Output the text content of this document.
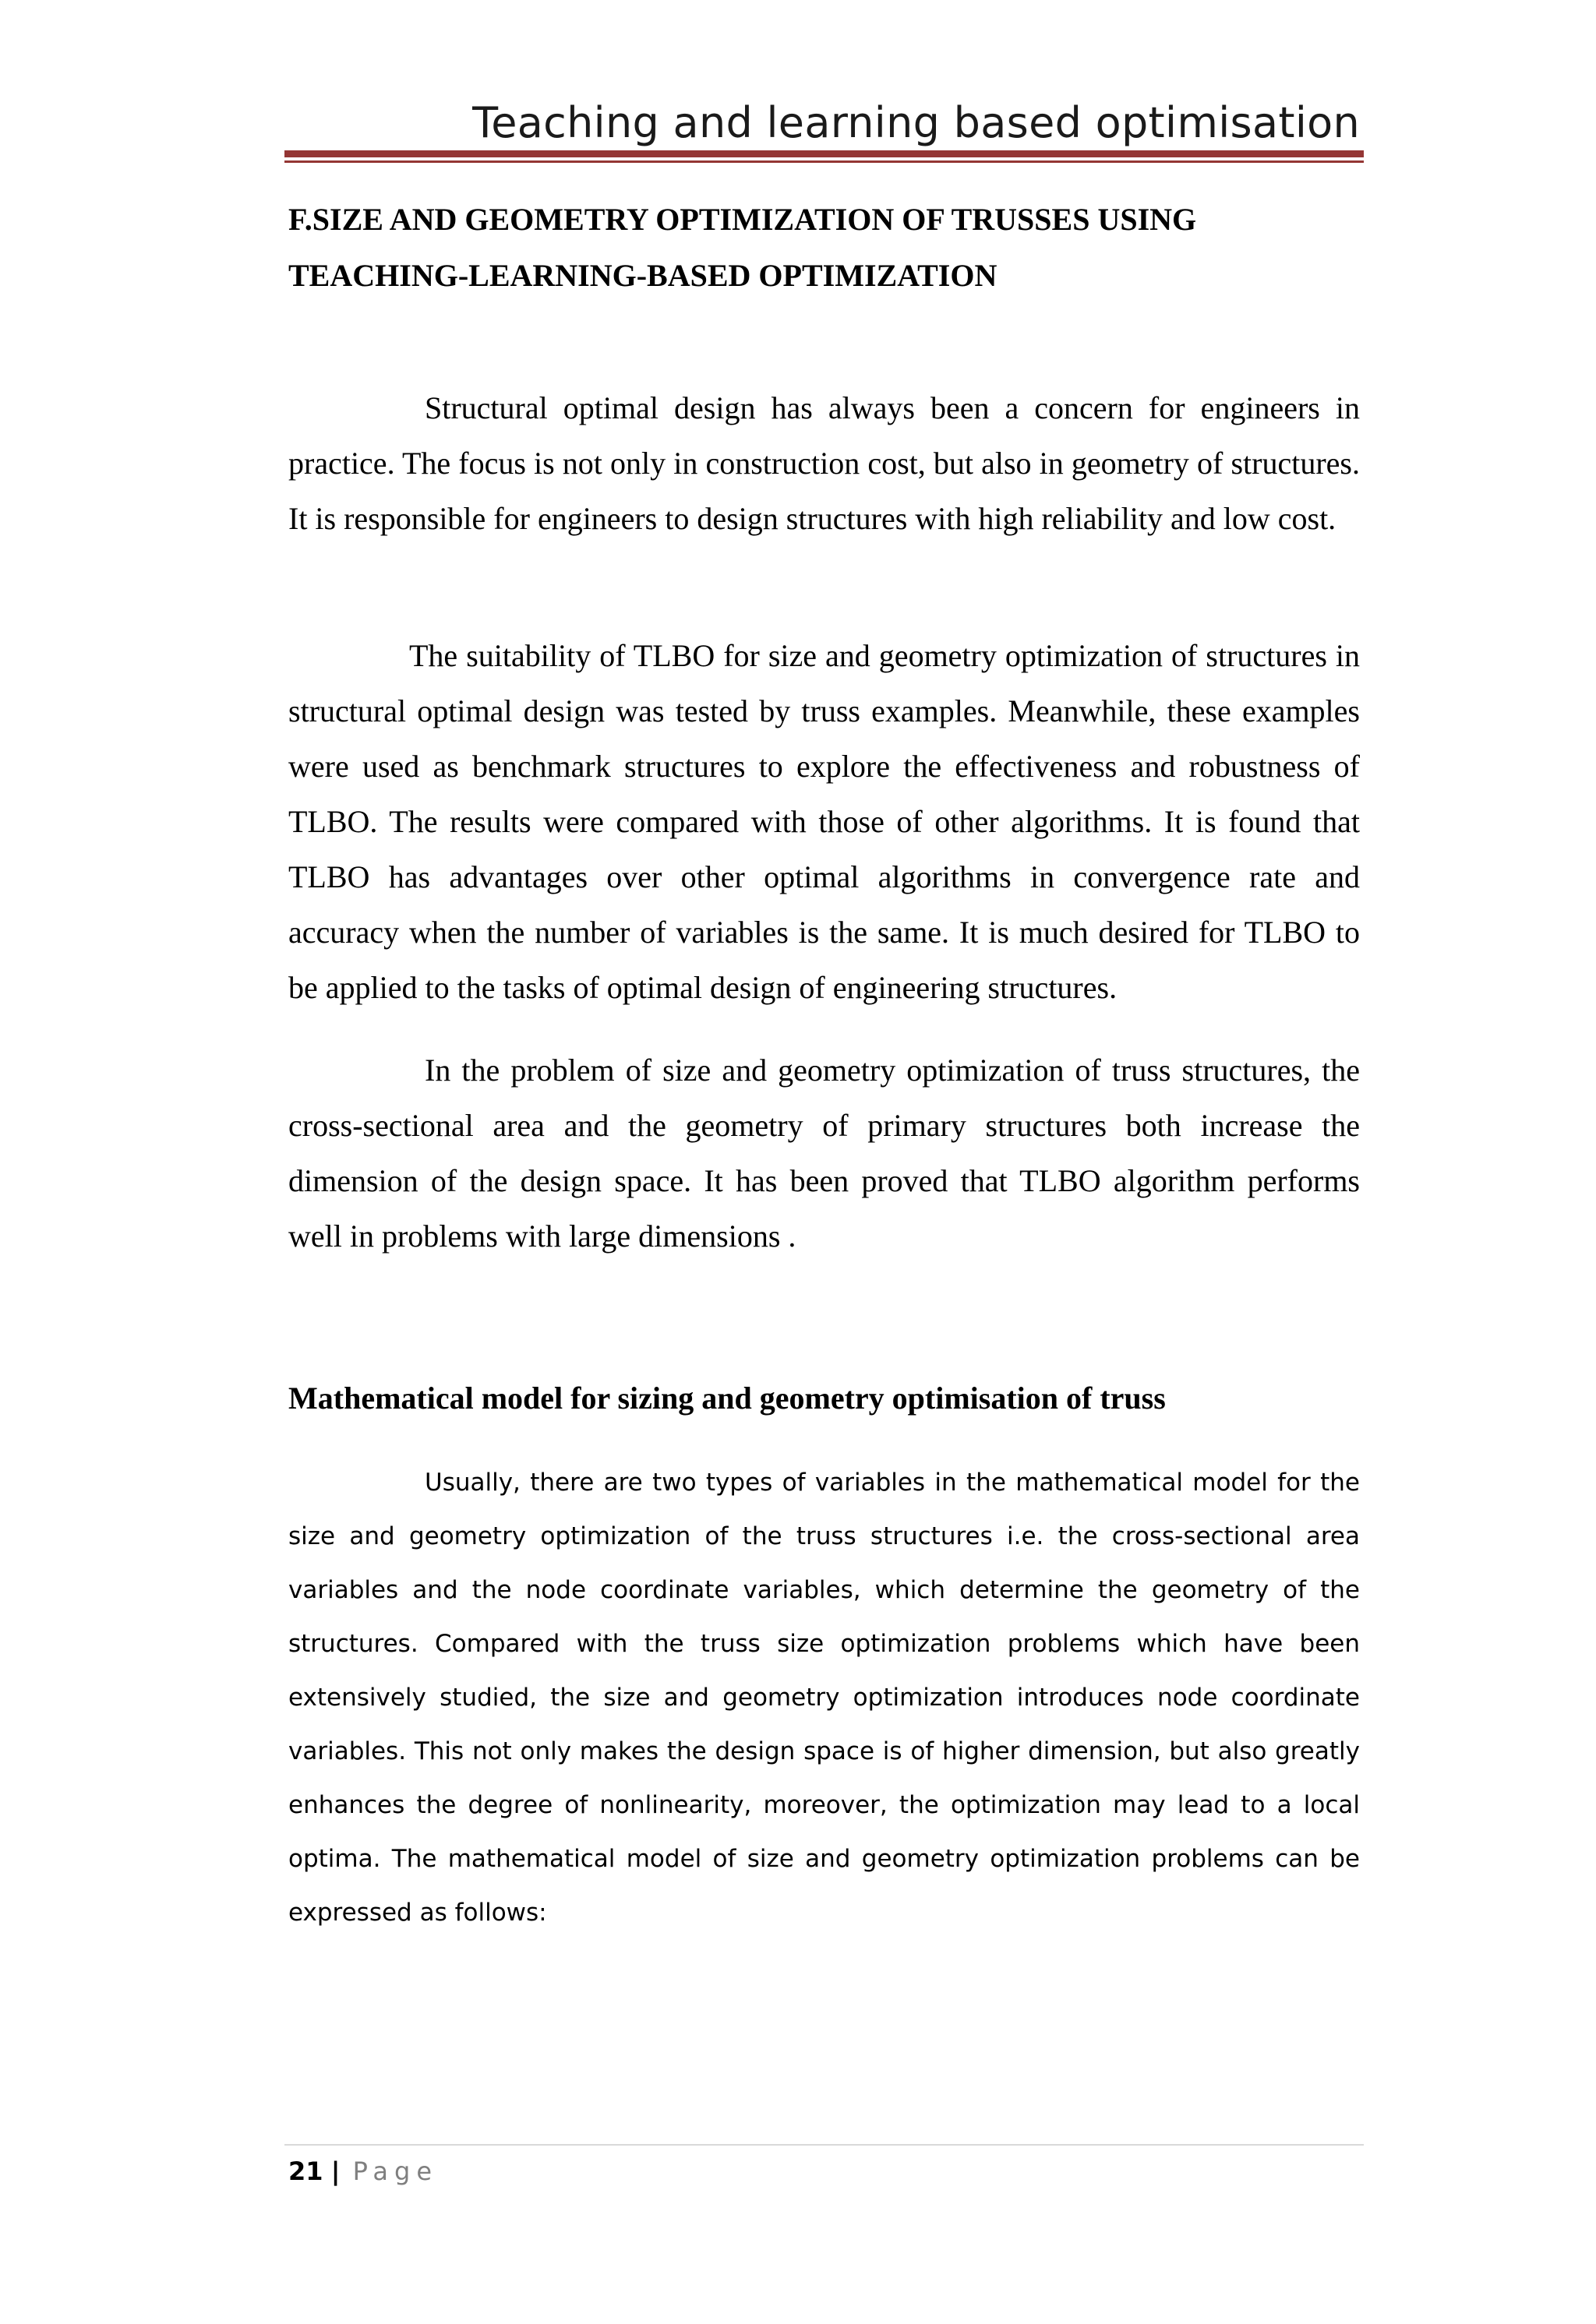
Teaching and learning based optimisation
F.SIZE AND GEOMETRY OPTIMIZATION OF TRUSSES USING
TEACHING-LEARNING-BASED OPTIMIZATION

Structural optimal design has always been a concern for engineers in practice. The focus is not only in construction cost, but also in geometry of structures. It is responsible for engineers to design structures with high reliability and low cost.

The suitability of TLBO for size and geometry optimization of structures in structural optimal design was tested by truss examples. Meanwhile, these examples were used as benchmark structures to explore the effectiveness and robustness of TLBO. The results were compared with those of other algorithms. It is found that TLBO has advantages over other optimal algorithms in convergence rate and accuracy when the number of variables is the same. It is much desired for TLBO to be applied to the tasks of optimal design of engineering structures.

In the problem of size and geometry optimization of truss structures, the cross-sectional area and the geometry of primary structures both increase the dimension of the design space. It has been proved that TLBO algorithm performs well in problems with large dimensions .

Mathematical model for sizing and geometry optimisation of truss

Usually, there are two types of variables in the mathematical model for the size and geometry optimization of the truss structures i.e. the cross-sectional area variables and the node coordinate variables, which determine the geometry of the structures. Compared with the truss size optimization problems which have been extensively studied, the size and geometry optimization introduces node coordinate variables. This not only makes the design space is of higher dimension, but also greatly enhances the degree of nonlinearity, moreover, the optimization may lead to a local optima. The mathematical model of size and geometry optimization problems can be expressed as follows:

21 | Page
